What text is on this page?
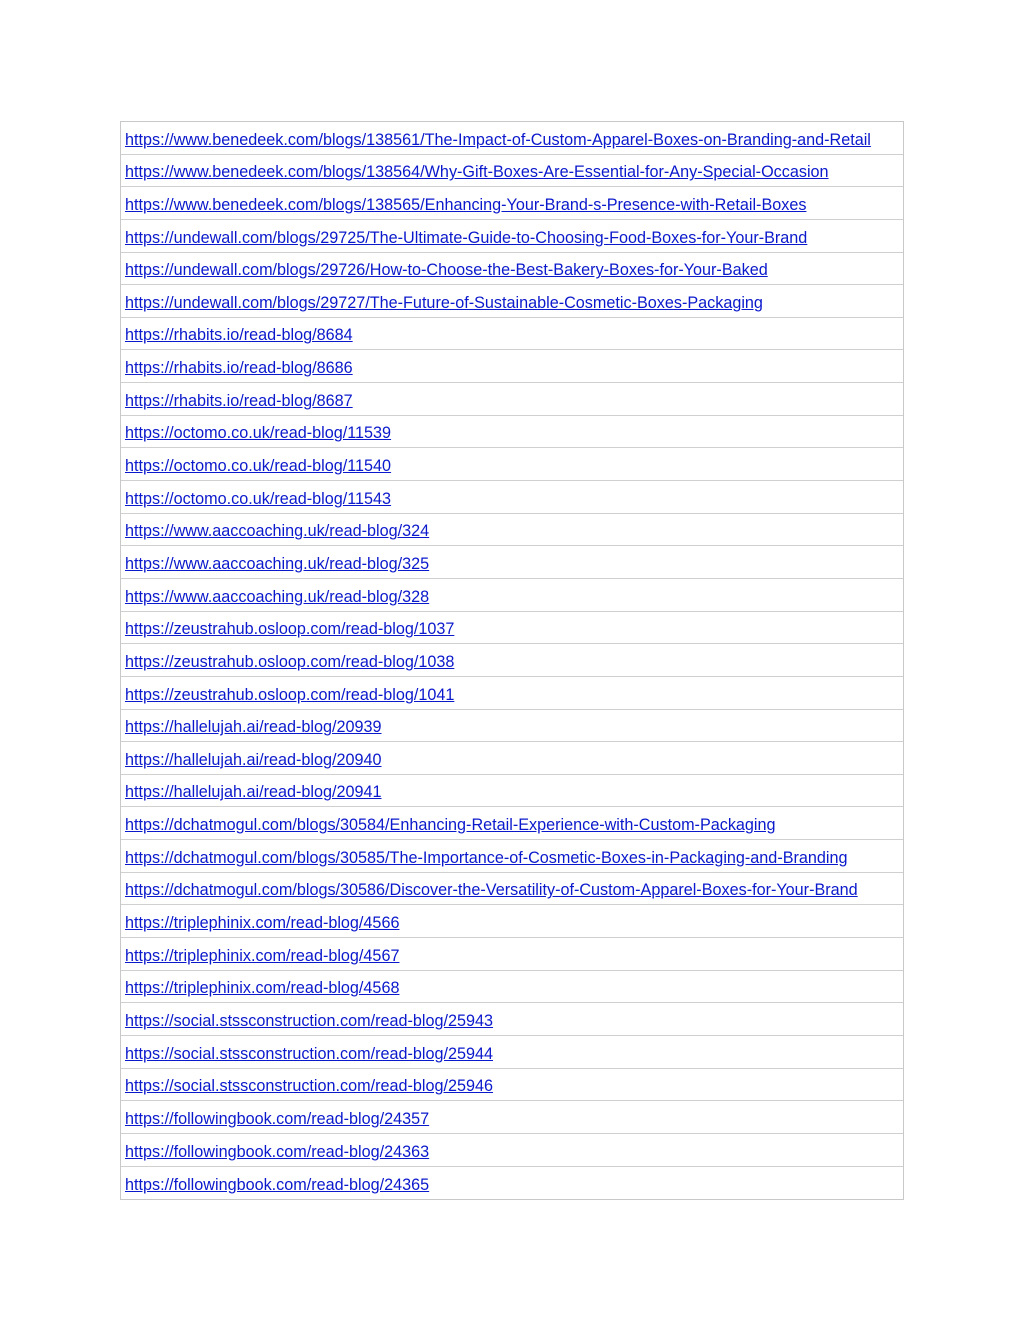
https://www.benedeek.com/blogs/138561/The-Impact-of-Custom-Apparel-Boxes-on-Branding-and-Retail
https://www.benedeek.com/blogs/138564/Why-Gift-Boxes-Are-Essential-for-Any-Special-Occasion
https://www.benedeek.com/blogs/138565/Enhancing-Your-Brand-s-Presence-with-Retail-Boxes
https://undewall.com/blogs/29725/The-Ultimate-Guide-to-Choosing-Food-Boxes-for-Your-Brand
https://undewall.com/blogs/29726/How-to-Choose-the-Best-Bakery-Boxes-for-Your-Baked
https://undewall.com/blogs/29727/The-Future-of-Sustainable-Cosmetic-Boxes-Packaging
https://rhabits.io/read-blog/8684
https://rhabits.io/read-blog/8686
https://rhabits.io/read-blog/8687
https://octomo.co.uk/read-blog/11539
https://octomo.co.uk/read-blog/11540
https://octomo.co.uk/read-blog/11543
https://www.aaccoaching.uk/read-blog/324
https://www.aaccoaching.uk/read-blog/325
https://www.aaccoaching.uk/read-blog/328
https://zeustrahub.osloop.com/read-blog/1037
https://zeustrahub.osloop.com/read-blog/1038
https://zeustrahub.osloop.com/read-blog/1041
https://hallelujah.ai/read-blog/20939
https://hallelujah.ai/read-blog/20940
https://hallelujah.ai/read-blog/20941
https://dchatmogul.com/blogs/30584/Enhancing-Retail-Experience-with-Custom-Packaging
https://dchatmogul.com/blogs/30585/The-Importance-of-Cosmetic-Boxes-in-Packaging-and-Branding
https://dchatmogul.com/blogs/30586/Discover-the-Versatility-of-Custom-Apparel-Boxes-for-Your-Brand
https://triplephinix.com/read-blog/4566
https://triplephinix.com/read-blog/4567
https://triplephinix.com/read-blog/4568
https://social.stssconstruction.com/read-blog/25943
https://social.stssconstruction.com/read-blog/25944
https://social.stssconstruction.com/read-blog/25946
https://followingbook.com/read-blog/24357
https://followingbook.com/read-blog/24363
https://followingbook.com/read-blog/24365
